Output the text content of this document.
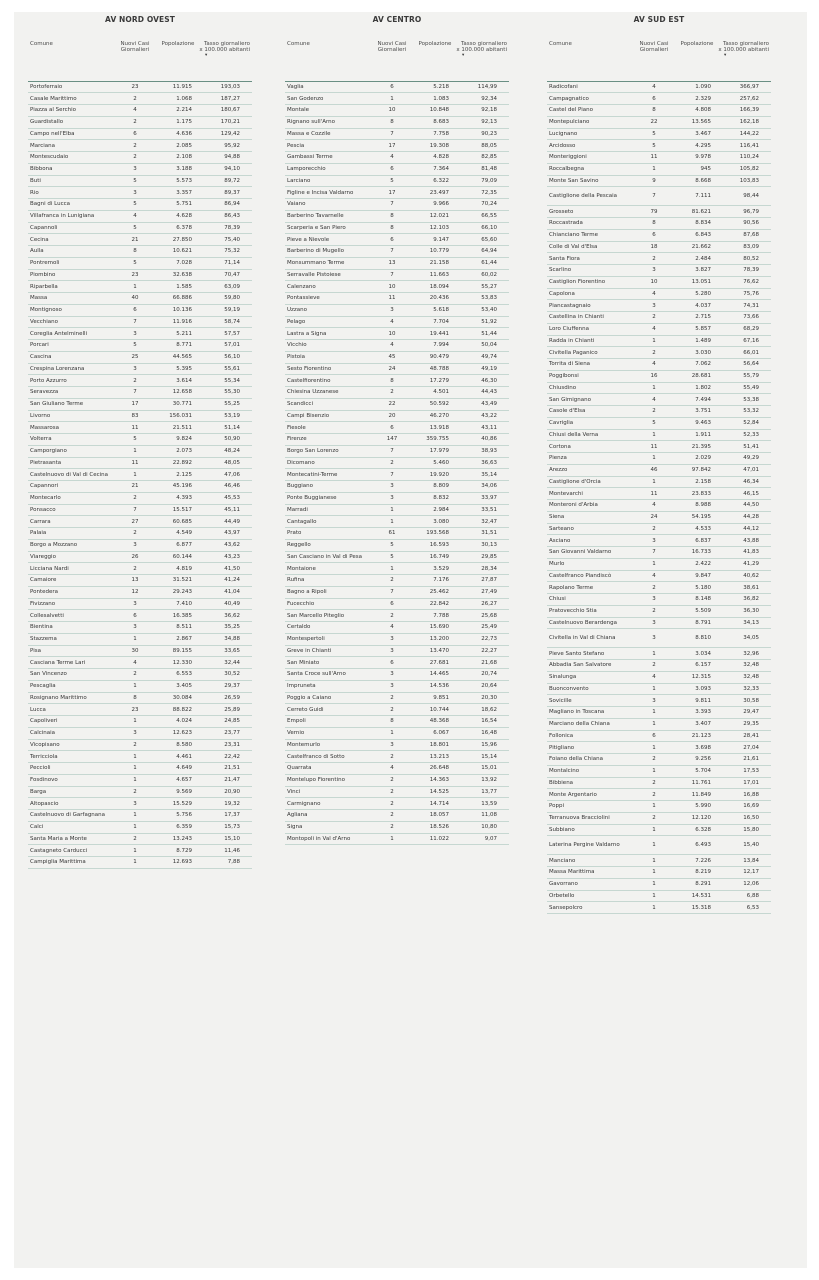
AV NORD OVEST
Comune	Nuovi Casi Giornalieri	Popolazione	Tasso giornaliero x 100.000 abitanti
▾

Portoferraio	23	11.915	193,03
Casale Marittimo	2	1.068	187,27
Piazza al Serchio	4	2.214	180,67
Guardistallo	2	1.175	170,21
Campo nell'Elba	6	4.636	129,42
Marciana	2	2.085	95,92
Montescudaio	2	2.108	94,88
Bibbona	3	3.188	94,10
Buti	5	5.573	89,72
Rio	3	3.357	89,37
Bagni di Lucca	5	5.751	86,94
Villafranca in Lunigiana	4	4.628	86,43
Capannoli	5	6.378	78,39
Cecina	21	27.850	75,40
Aulla	8	10.621	75,32
Pontremoli	5	7.028	71,14
Piombino	23	32.638	70,47
Riparbella	1	1.585	63,09
Massa	40	66.886	59,80
Montignoso	6	10.136	59,19
Vecchiano	7	11.916	58,74
Coreglia Antelminelli	3	5.211	57,57
Porcari	5	8.771	57,01
Cascina	25	44.565	56,10
Crespina Lorenzana	3	5.395	55,61
Porto Azzurro	2	3.614	55,34
Seravezza	7	12.658	55,30
San Giuliano Terme	17	30.771	55,25
Livorno	83	156.031	53,19
Massarosa	11	21.511	51,14
Volterra	5	9.824	50,90
Camporgiano	1	2.073	48,24
Pietrasanta	11	22.892	48,05
Castelnuovo di Val di Cecina	1	2.125	47,06
Capannori	21	45.196	46,46
Montecarlo	2	4.393	45,53
Ponsacco	7	15.517	45,11
Carrara	27	60.685	44,49
Palaia	2	4.549	43,97
Borgo a Mozzano	3	6.877	43,62
Viareggio	26	60.144	43,23
Licciana Nardi	2	4.819	41,50
Camaiore	13	31.521	41,24
Pontedera	12	29.243	41,04
Fivizzano	3	7.410	40,49
Collesalvetti	6	16.385	36,62
Bientina	3	8.511	35,25
Stazzema	1	2.867	34,88
Pisa	30	89.155	33,65
Casciana Terme Lari	4	12.330	32,44
San Vincenzo	2	6.553	30,52
Pescaglia	1	3.405	29,37
Rosignano Marittimo	8	30.084	26,59
Lucca	23	88.822	25,89
Capoliveri	1	4.024	24,85
Calcinaia	3	12.623	23,77
Vicopisano	2	8.580	23,31
Terricciola	1	4.461	22,42
Peccioli	1	4.649	21,51
Fosdinovo	1	4.657	21,47
Barga	2	9.569	20,90
Altopascio	3	15.529	19,32
Castelnuovo di Garfagnana	1	5.756	17,37
Calci	1	6.359	15,73
Santa Maria a Monte	2	13.243	15,10
Castagneto Carducci	1	8.729	11,46
Campiglia Marittima	1	12.693	7,88
AV CENTRO
Comune	Nuovi Casi Giornalieri	Popolazione	Tasso giornaliero x 100.000 abitanti
▾

Vaglia	6	5.218	114,99
San Godenzo	1	1.083	92,34
Montale	10	10.848	92,18
Rignano sull'Arno	8	8.683	92,13
Massa e Cozzile	7	7.758	90,23
Pescia	17	19.308	88,05
Gambassi Terme	4	4.828	82,85
Lamporecchio	6	7.364	81,48
Larciano	5	6.322	79,09
Figline e Incisa Valdarno	17	23.497	72,35
Vaiano	7	9.966	70,24
Barberino Tavarnelle	8	12.021	66,55
Scarperia e San Piero	8	12.103	66,10
Pieve a Nievole	6	9.147	65,60
Barberino di Mugello	7	10.779	64,94
Monsummano Terme	13	21.158	61,44
Serravalle Pistoiese	7	11.663	60,02
Calenzano	10	18.094	55,27
Pontassieve	11	20.436	53,83
Uzzano	3	5.618	53,40
Pelago	4	7.704	51,92
Lastra a Signa	10	19.441	51,44
Vicchio	4	7.994	50,04
Pistoia	45	90.479	49,74
Sesto Fiorentino	24	48.788	49,19
Castelfiorentino	8	17.279	46,30
Chiesina Uzzanese	2	4.501	44,43
Scandicci	22	50.592	43,49
Campi Bisenzio	20	46.270	43,22
Fiesole	6	13.918	43,11
Firenze	147	359.755	40,86
Borgo San Lorenzo	7	17.979	38,93
Dicomano	2	5.460	36,63
Montecatini-Terme	7	19.920	35,14
Buggiano	3	8.809	34,06
Ponte Buggianese	3	8.832	33,97
Marradi	1	2.984	33,51
Cantagallo	1	3.080	32,47
Prato	61	193.568	31,51
Reggello	5	16.593	30,13
San Casciano in Val di Pesa	5	16.749	29,85
Montaione	1	3.529	28,34
Rufina	2	7.176	27,87
Bagno a Ripoli	7	25.462	27,49
Fucecchio	6	22.842	26,27
San Marcello Piteglio	2	7.788	25,68
Certaldo	4	15.690	25,49
Montespertoli	3	13.200	22,73
Greve in Chianti	3	13.470	22,27
San Miniato	6	27.681	21,68
Santa Croce sull'Arno	3	14.465	20,74
Impruneta	3	14.536	20,64
Poggio a Caiano	2	9.851	20,30
Cerreto Guidi	2	10.744	18,62
Empoli	8	48.368	16,54
Vernio	1	6.067	16,48
Montemurlo	3	18.801	15,96
Castelfranco di Sotto	2	13.213	15,14
Quarrata	4	26.648	15,01
Montelupo Fiorentino	2	14.363	13,92
Vinci	2	14.525	13,77
Carmignano	2	14.714	13,59
Agliana	2	18.057	11,08
Signa	2	18.526	10,80
Montopoli in Val d'Arno	1	11.022	9,07
AV SUD EST
Comune	Nuovi Casi Giornalieri	Popolazione	Tasso giornaliero x 100.000 abitanti
▾

Radicofani	4	1.090	366,97
Campagnatico	6	2.329	257,62
Castel del Piano	8	4.808	166,39
Montepulciano	22	13.565	162,18
Lucignano	5	3.467	144,22
Arcidosso	5	4.295	116,41
Monteriggioni	11	9.978	110,24
Roccalbegna	1	945	105,82
Monte San Savino	9	8.668	103,83
Castiglione della Pescaia	7	7.111	98,44
Grosseto	79	81.621	96,79
Roccastrada	8	8.834	90,56
Chianciano Terme	6	6.843	87,68
Colle di Val d'Elsa	18	21.662	83,09
Santa Fiora	2	2.484	80,52
Scarlino	3	3.827	78,39
Castiglion Fiorentino	10	13.051	76,62
Capolona	4	5.280	75,76
Piancastagnaio	3	4.037	74,31
Castellina in Chianti	2	2.715	73,66
Loro Ciuffenna	4	5.857	68,29
Radda in Chianti	1	1.489	67,16
Civitella Paganico	2	3.030	66,01
Torrita di Siena	4	7.062	56,64
Poggibonsi	16	28.681	55,79
Chiusdino	1	1.802	55,49
San Gimignano	4	7.494	53,38
Casole d'Elsa	2	3.751	53,32
Cavriglia	5	9.463	52,84
Chiusi della Verna	1	1.911	52,33
Cortona	11	21.395	51,41
Pienza	1	2.029	49,29
Arezzo	46	97.842	47,01
Castiglione d'Orcia	1	2.158	46,34
Montevarchi	11	23.833	46,15
Monteroni d'Arbia	4	8.988	44,50
Siena	24	54.195	44,28
Sarteano	2	4.533	44,12
Asciano	3	6.837	43,88
San Giovanni Valdarno	7	16.733	41,83
Murlo	1	2.422	41,29
Castelfranco Piandiscò	4	9.847	40,62
Rapolano Terme	2	5.180	38,61
Chiusi	3	8.148	36,82
Pratovecchio Stia	2	5.509	36,30
Castelnuovo Berardenga	3	8.791	34,13
Civitella in Val di Chiana	3	8.810	34,05
Pieve Santo Stefano	1	3.034	32,96
Abbadia San Salvatore	2	6.157	32,48
Sinalunga	4	12.315	32,48
Buonconvento	1	3.093	32,33
Sovicille	3	9.811	30,58
Magliano in Toscana	1	3.393	29,47
Marciano della Chiana	1	3.407	29,35
Follonica	6	21.123	28,41
Pitigliano	1	3.698	27,04
Foiano della Chiana	2	9.256	21,61
Montalcino	1	5.704	17,53
Bibbiena	2	11.761	17,01
Monte Argentario	2	11.849	16,88
Poppi	1	5.990	16,69
Terranuova Bracciolini	2	12.120	16,50
Subbiano	1	6.328	15,80
Laterina Pergine Valdarno	1	6.493	15,40
Manciano	1	7.226	13,84
Massa Marittima	1	8.219	12,17
Gavorrano	1	8.291	12,06
Orbetello	1	14.531	6,88
Sansepolcro	1	15.318	6,53
